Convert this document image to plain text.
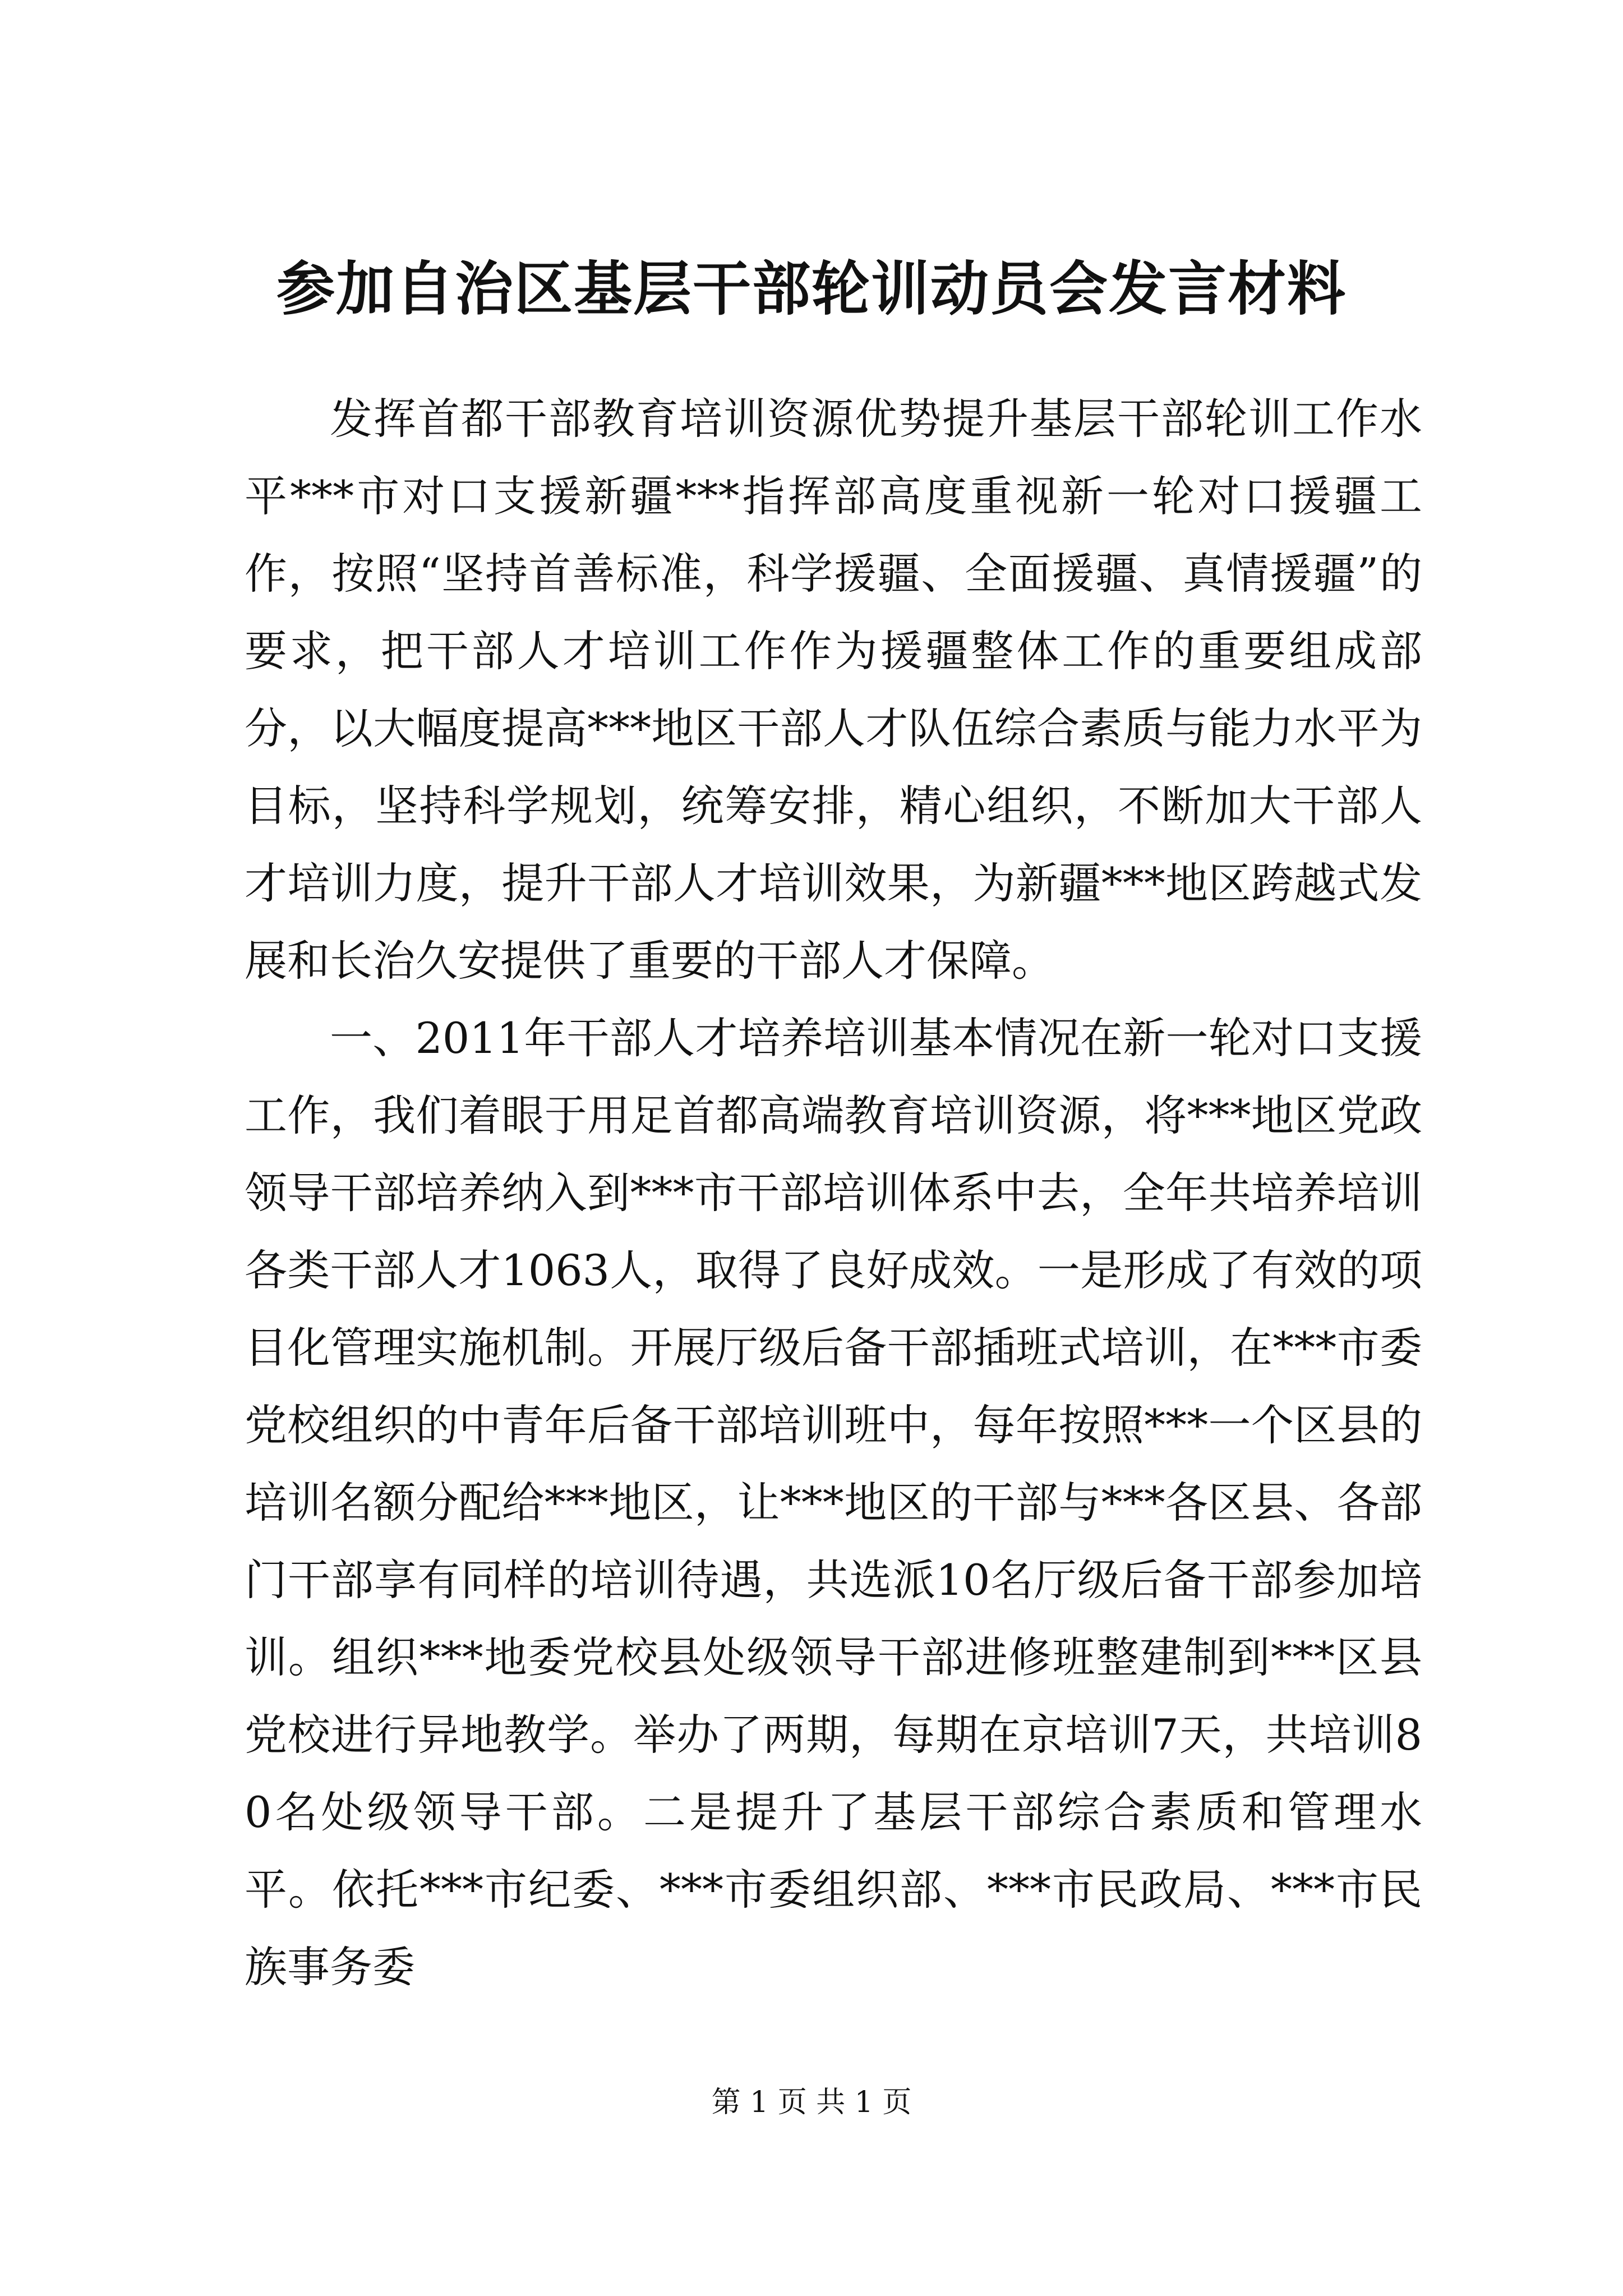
参加自治区基层干部轮训动员会发言材料

发挥首都干部教育培训资源优势提升基层干部轮训工作水平***市对口支援新疆***指挥部高度重视新一轮对口援疆工作，按照“坚持首善标准，科学援疆、全面援疆、真情援疆”的要求，把干部人才培训工作作为援疆整体工作的重要组成部分，以大幅度提高***地区干部人才队伍综合素质与能力水平为目标，坚持科学规划，统筹安排，精心组织，不断加大干部人才培训力度，提升干部人才培训效果，为新疆***地区跨越式发展和长治久安提供了重要的干部人才保障。

一、2011年干部人才培养培训基本情况在新一轮对口支援工作，我们着眼于用足首都高端教育培训资源，将***地区党政领导干部培养纳入到***市干部培训体系中去，全年共培养培训各类干部人才1063人，取得了良好成效。一是形成了有效的项目化管理实施机制。开展厅级后备干部插班式培训，在***市委党校组织的中青年后备干部培训班中，每年按照***一个区县的培训名额分配给***地区，让***地区的干部与***各区县、各部门干部享有同样的培训待遇，共选派10名厅级后备干部参加培训。组织***地委党校县处级领导干部进修班整建制到***区县党校进行异地教学。举办了两期，每期在京培训7天，共培训80名处级领导干部。二是提升了基层干部综合素质和管理水平。依托***市纪委、***市委组织部、***市民政局、***市民族事务委

第 1 页 共 1 页
